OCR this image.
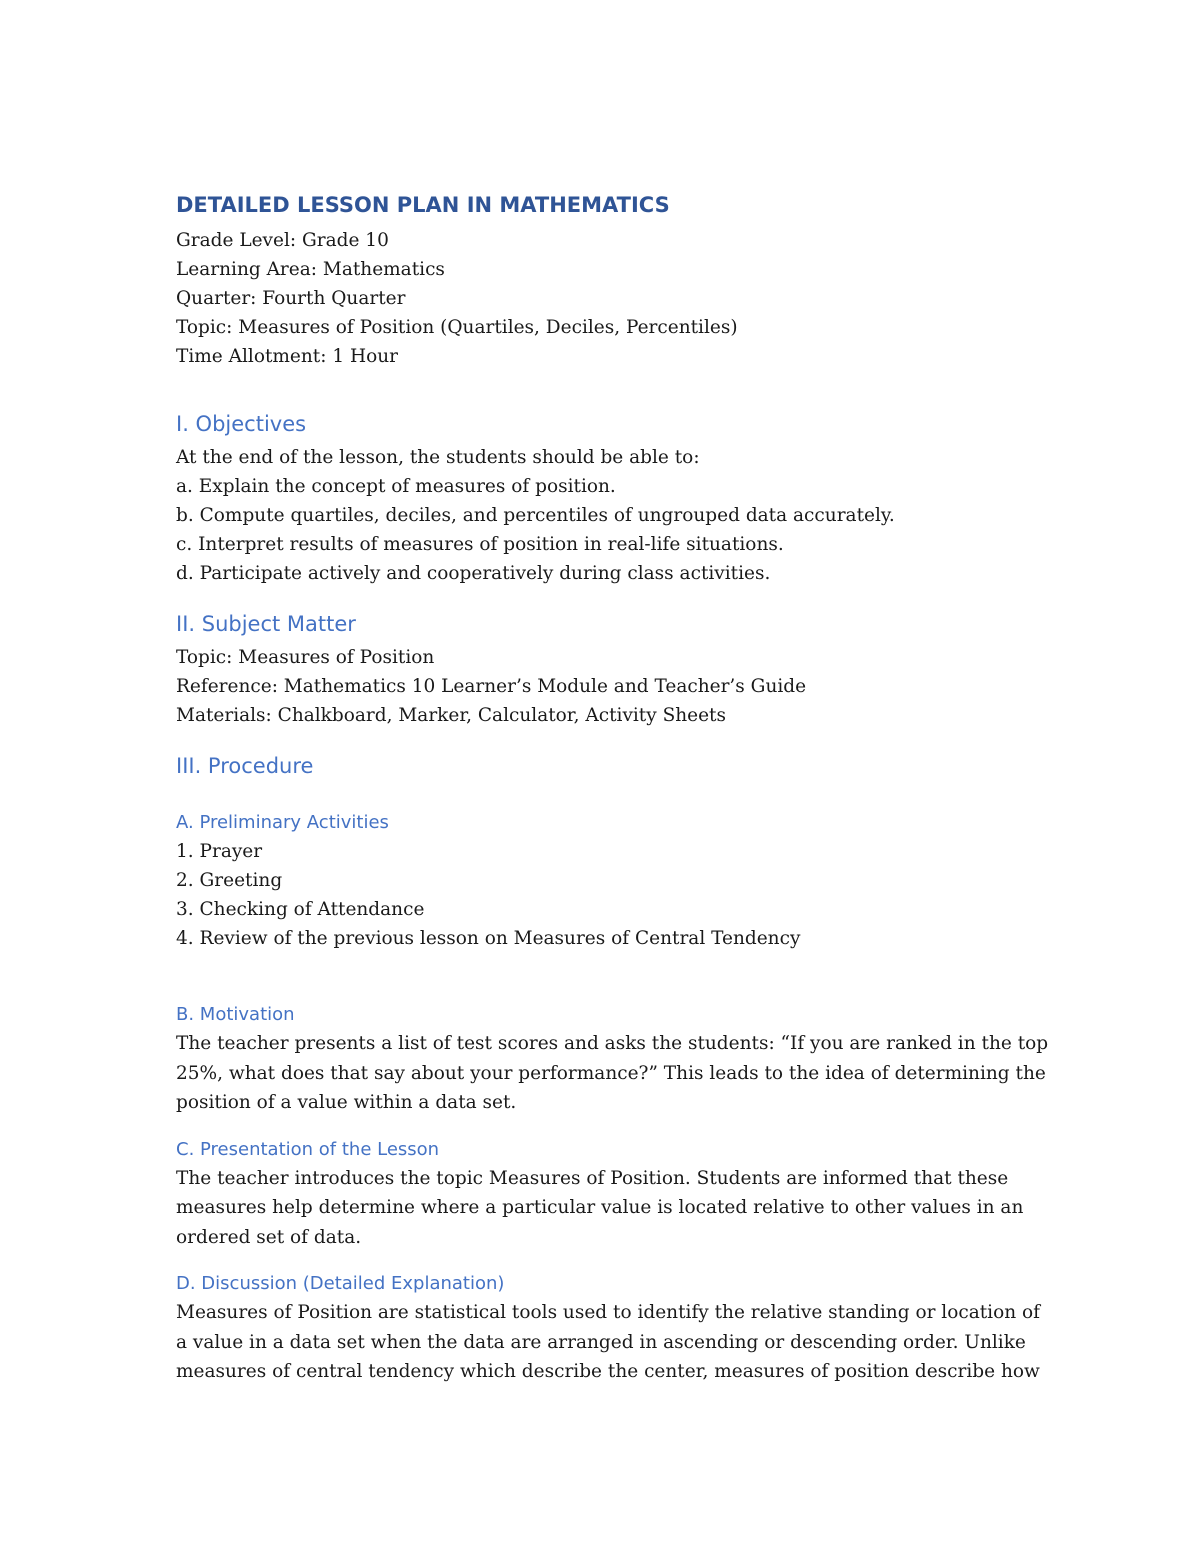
DETAILED LESSON PLAN IN MATHEMATICS

Grade Level: Grade 10

Learning Area: Mathematics

Quarter: Fourth Quarter

Topic: Measures of Position (Quartiles, Deciles, Percentiles)

Time Allotment: 1 Hour

I. Objectives

At the end of the lesson, the students should be able to:

a. Explain the concept of measures of position.

b. Compute quartiles, deciles, and percentiles of ungrouped data accurately.

c. Interpret results of measures of position in real-life situations.

d. Participate actively and cooperatively during class activities.

II. Subject Matter

Topic: Measures of Position

Reference: Mathematics 10 Learner’s Module and Teacher’s Guide

Materials: Chalkboard, Marker, Calculator, Activity Sheets

III. Procedure
A. Preliminary Activities

1. Prayer

2. Greeting

3. Checking of Attendance

4. Review of the previous lesson on Measures of Central Tendency

B. Motivation

The teacher presents a list of test scores and asks the students: “If you are ranked in the top

25%, what does that say about your performance?” This leads to the idea of determining the

position of a value within a data set.

C. Presentation of the Lesson

The teacher introduces the topic Measures of Position. Students are informed that these

measures help determine where a particular value is located relative to other values in an

ordered set of data.

D. Discussion (Detailed Explanation)

Measures of Position are statistical tools used to identify the relative standing or location of

a value in a data set when the data are arranged in ascending or descending order. Unlike

measures of central tendency which describe the center, measures of position describe how
